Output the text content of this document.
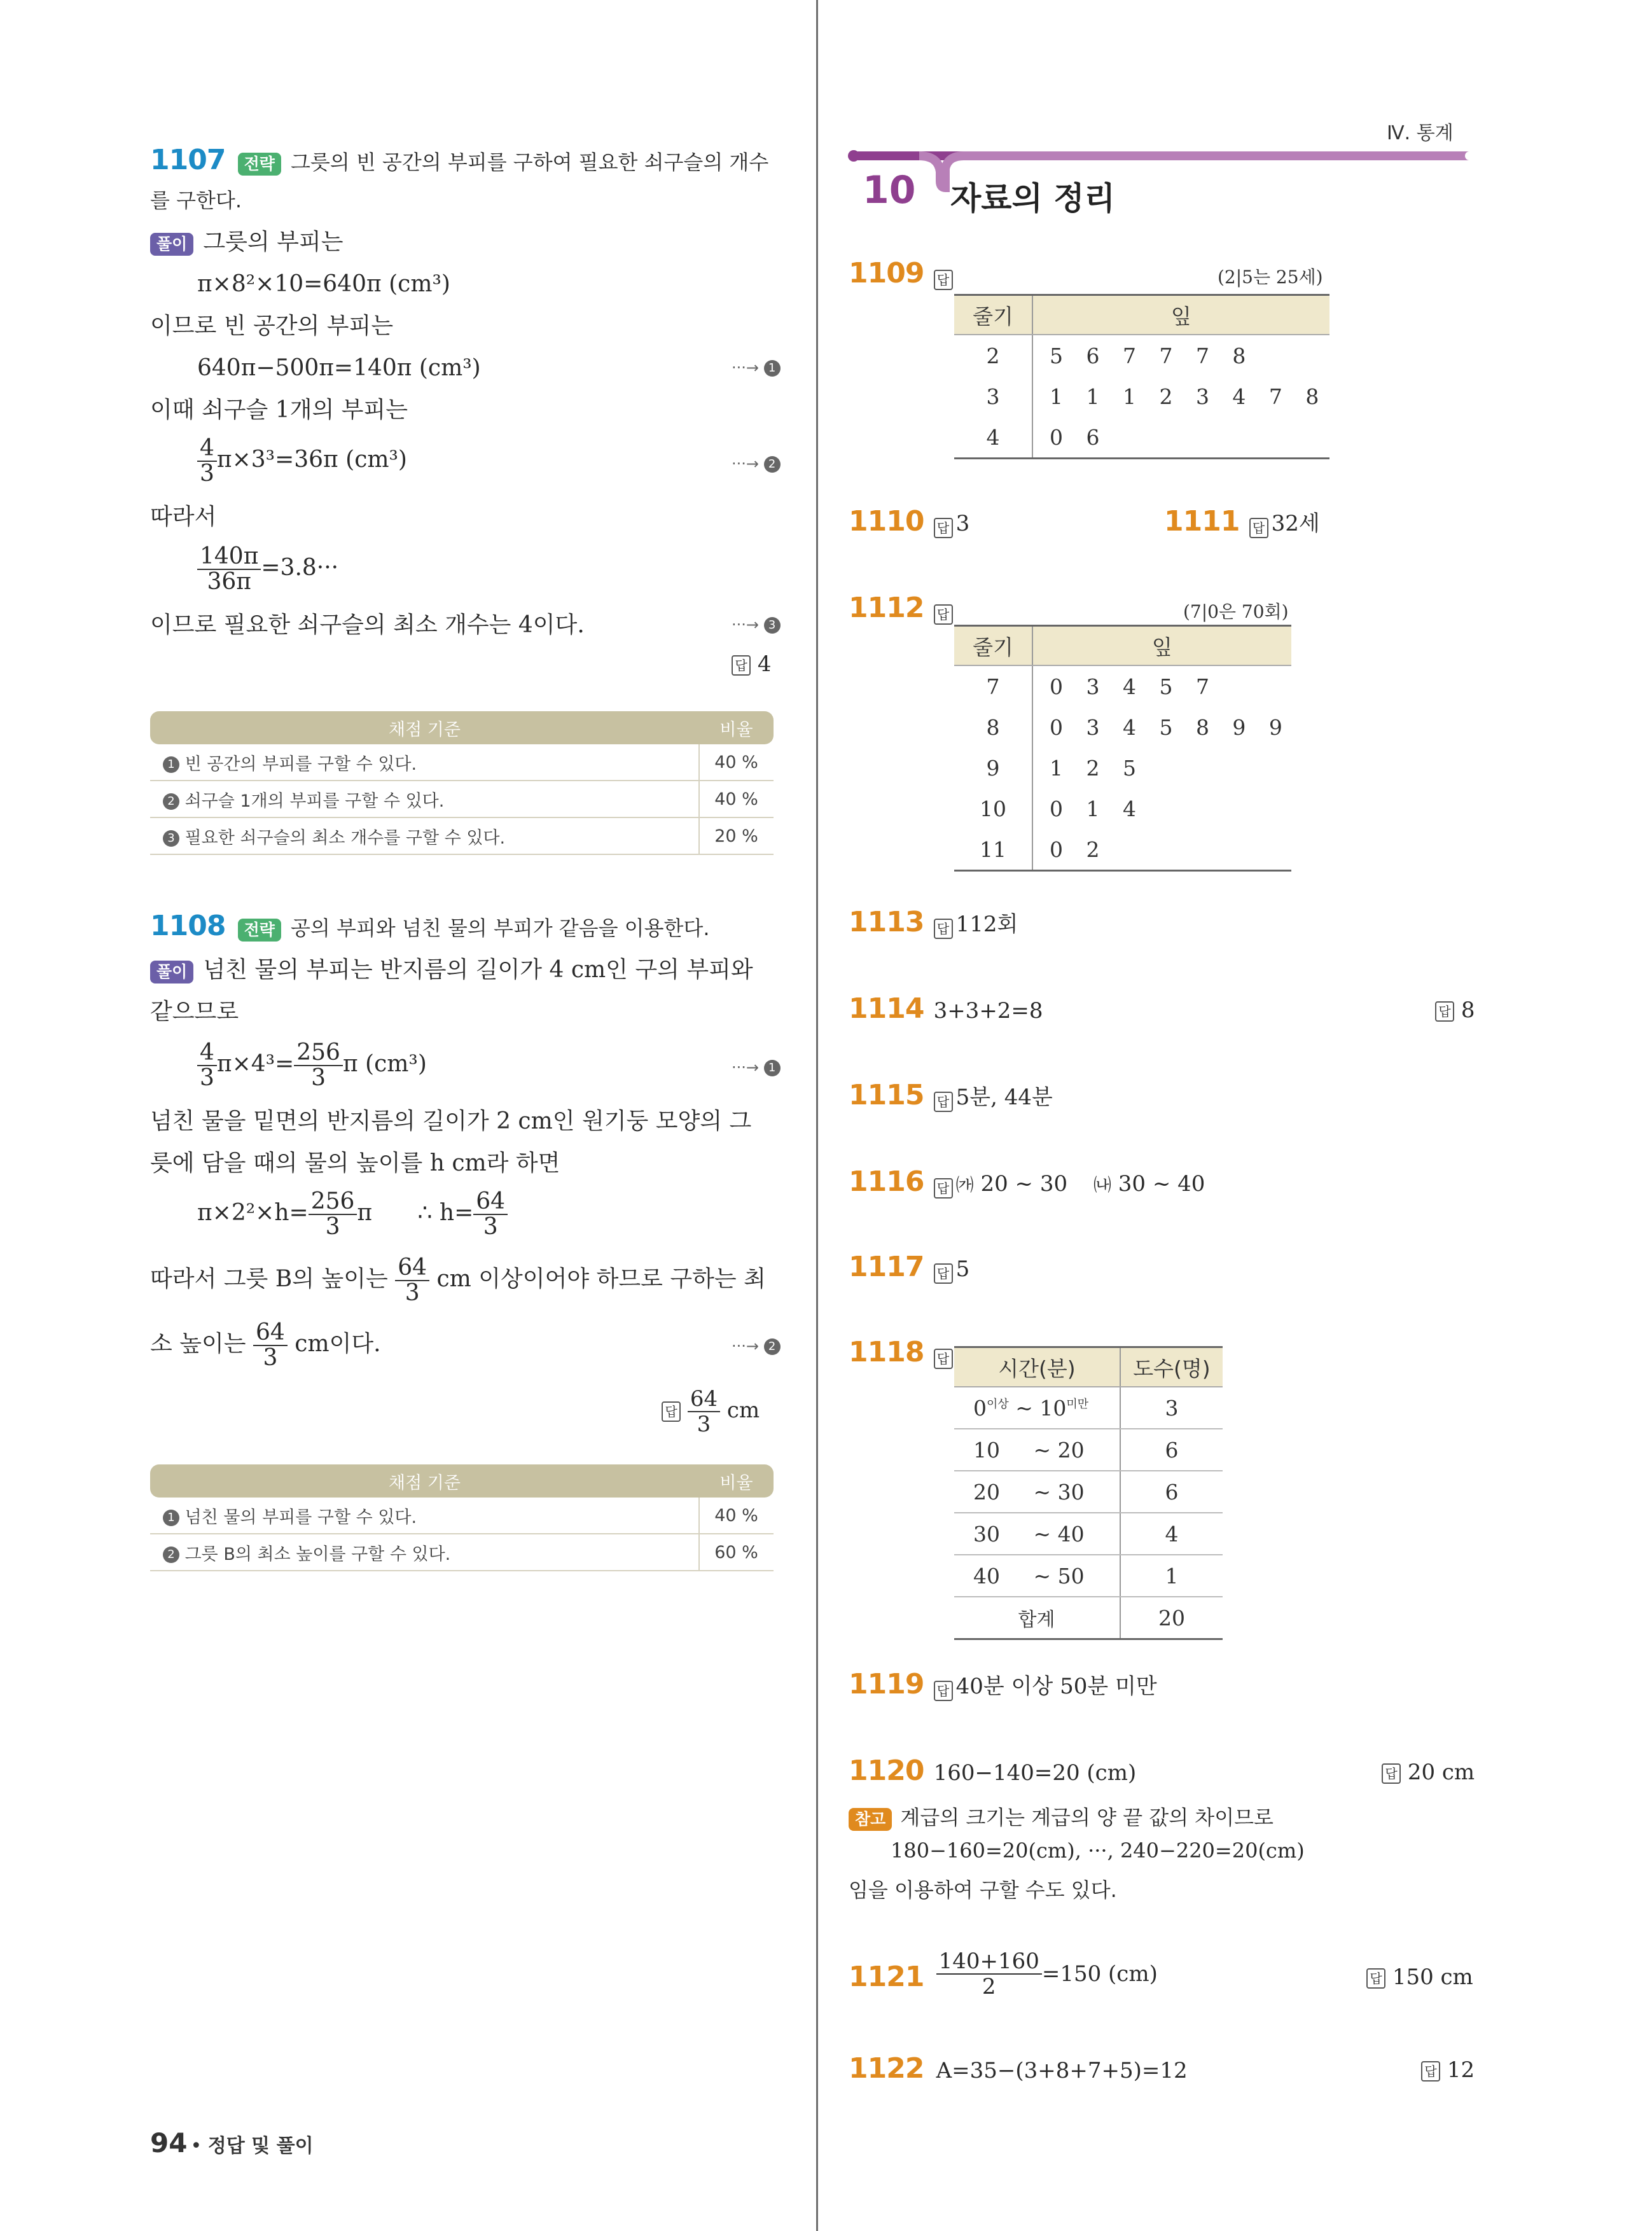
1107 전략 그릇의 빈 공간의 부피를 구하여 필요한 쇠구슬의 개수
를 구한다.
풀이 그릇의 부피는
π×8²×10=640π (cm³)
이므로 빈 공간의 부피는
640π−500π=140π (cm³)	···→ 1
이때 쇠구슬 1개의 부피는
$\frac{4}{3} \pi\times 3^3=36\pi$ (cm³)	···→ 2
따라서
$\frac{140\pi}{36\pi} =3.8\cdot\cdot\cdot$
이므로 필요한 쇠구슬의 최소 개수는 4이다.	···→ 3
답 4
채점 기준	비율
1 빈 공간의 부피를 구할 수 있다.	40 %
2 쇠구슬 1개의 부피를 구할 수 있다.	40 %
3 필요한 쇠구슬의 최소 개수를 구할 수 있다.	20 %
1108 전략 공의 부피와 넘친 물의 부피가 같음을 이용한다.
풀이 넘친 물의 부피는 반지름의 길이가 4 cm인 구의 부피와
같으므로
$\frac{4}{3} \pi\times 4^3= \frac{256}{3}$ π (cm³)	···→ 1
넘친 물을 밑면의 반지름의 길이가 2 cm인 원기둥 모양의 그
릇에 담을 때의 물의 높이를 h cm라 하면
$\pi\times 2^2\times h= \frac{256}{3}$ π ∴ $h= \frac{64}{3}$
따라서 그릇 B의 높이는 $\frac{64}{3}$ cm 이상이어야 하므로 구하는 최
소 높이는 $\frac{64}{3}$ cm이다.	···→ 2
답 $\frac{64}{3}$ cm
채점 기준	비율
1 넘친 물의 부피를 구할 수 있다.	40 %
2 그릇 B의 최소 높이를 구할 수 있다.	60 %
94 • 정답 및 풀이
Ⅳ. 통계
10 자료의 정리
1109 답	(2|5는 25세)
줄기	잎
2	5 6 7 7 7 8
3	1 1 1 2 3 4 7 8
4	0 6
1110 답 3	1111 답 32세
1112 답	(7|0은 70회)
줄기	잎
7	0 3 4 5 7
8	0 3 4 5 8 9 9
9	1 2 5
10	0 1 4
11	0 2
1113 답 112회
1114 3+3+2=8	답 8
1115 답 5분, 44분
1116 답 ㈎ 20 ~ 30 ㈏ 30 ~ 40
1117 답 5
1118 답 시간(분)	도수(명)
$0^{이상}$ ~ $10^{미만}$	3
10 ~ 20	6
20 ~ 30	6
30 ~ 40	4
40 ~ 50	1
합계	20
1119 답 40분 이상 50분 미만
1120 160−140=20 (cm)	답 20 cm
참고 계급의 크기는 계급의 양 끝 값의 차이므로
180−160=20(cm), ···, 240−220=20(cm)
임을 이용하여 구할 수도 있다.
$1121 \frac{140+160}{2} =150$ (cm)	답 150 cm
1122 A=35−(3+8+7+5)=12	답 12
